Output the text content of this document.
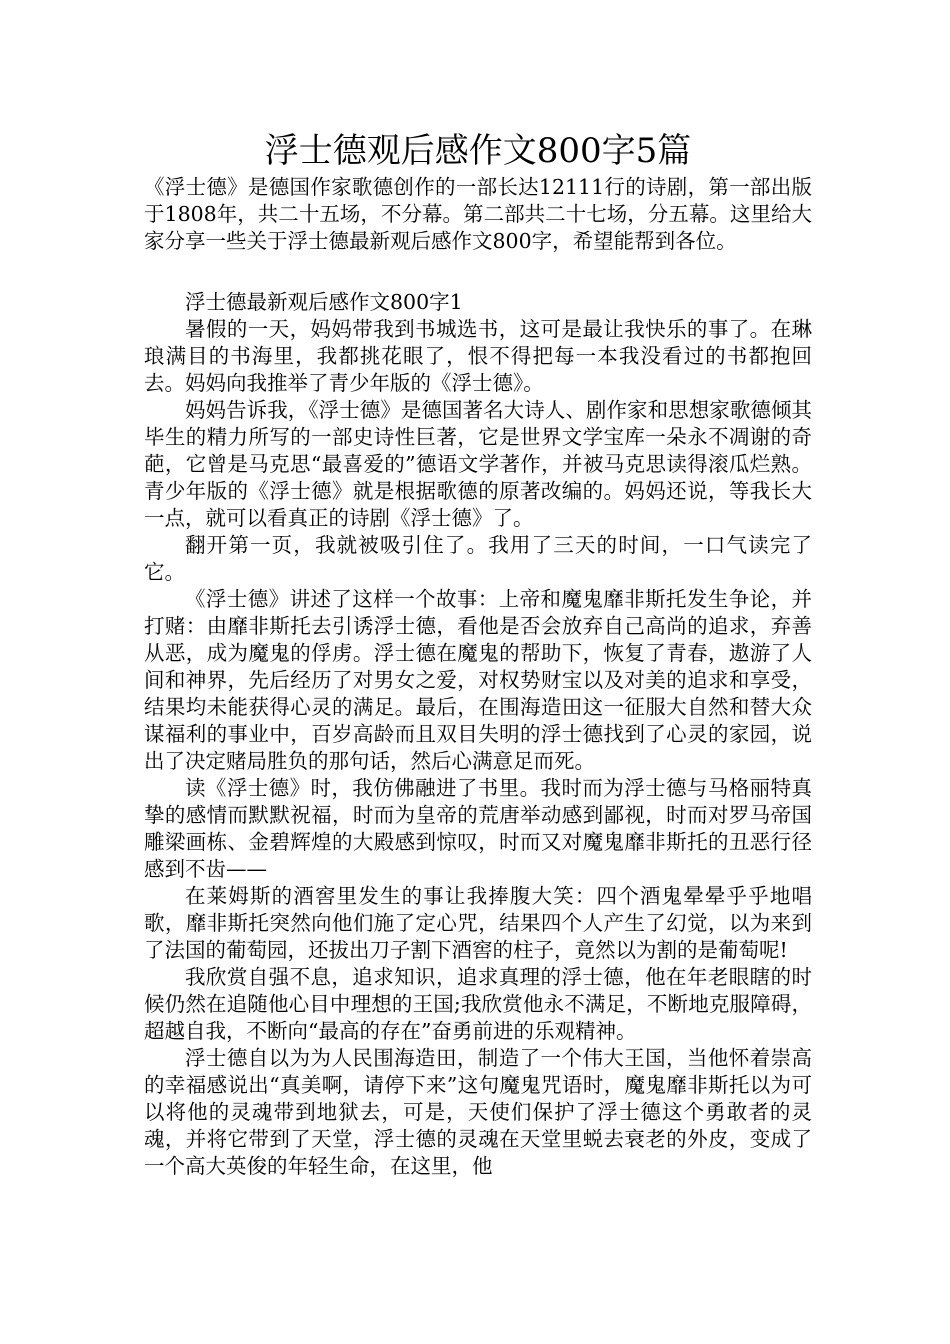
浮士德观后感作文800字5篇

《浮士德》是德国作家歌德创作的一部长达12111行的诗剧，第一部出版于1808年，共二十五场，不分幕。第二部共二十七场，分五幕。这里给大家分享一些关于浮士德最新观后感作文800字，希望能帮到各位。

浮士德最新观后感作文800字1

暑假的一天，妈妈带我到书城选书，这可是最让我快乐的事了。在琳琅满目的书海里，我都挑花眼了，恨不得把每一本我没看过的书都抱回去。妈妈向我推举了青少年版的《浮士德》。

妈妈告诉我，《浮士德》是德国著名大诗人、剧作家和思想家歌德倾其毕生的精力所写的一部史诗性巨著，它是世界文学宝库一朵永不凋谢的奇葩，它曾是马克思“最喜爱的”德语文学著作，并被马克思读得滚瓜烂熟。青少年版的《浮士德》就是根据歌德的原著改编的。妈妈还说，等我长大一点，就可以看真正的诗剧《浮士德》了。

翻开第一页，我就被吸引住了。我用了三天的时间，一口气读完了它。

《浮士德》讲述了这样一个故事：上帝和魔鬼靡非斯托发生争论，并打赌：由靡非斯托去引诱浮士德，看他是否会放弃自己高尚的追求，弃善从恶，成为魔鬼的俘虏。浮士德在魔鬼的帮助下，恢复了青春，遨游了人间和神界，先后经历了对男女之爱，对权势财宝以及对美的追求和享受，结果均未能获得心灵的满足。最后，在围海造田这一征服大自然和替大众谋福利的事业中，百岁高龄而且双目失明的浮士德找到了心灵的家园，说出了决定赌局胜负的那句话，然后心满意足而死。

读《浮士德》时，我仿佛融进了书里。我时而为浮士德与马格丽特真挚的感情而默默祝福，时而为皇帝的荒唐举动感到鄙视，时而对罗马帝国雕梁画栋、金碧辉煌的大殿感到惊叹，时而又对魔鬼靡非斯托的丑恶行径感到不齿——

在莱姆斯的酒窖里发生的事让我捧腹大笑：四个酒鬼晕晕乎乎地唱歌，靡非斯托突然向他们施了定心咒，结果四个人产生了幻觉，以为来到了法国的葡萄园，还拔出刀子割下酒窖的柱子，竟然以为割的是葡萄呢!

我欣赏自强不息，追求知识，追求真理的浮士德，他在年老眼瞎的时候仍然在追随他心目中理想的王国;我欣赏他永不满足，不断地克服障碍，超越自我，不断向“最高的存在”奋勇前进的乐观精神。

浮士德自以为为人民围海造田，制造了一个伟大王国，当他怀着崇高的幸福感说出“真美啊，请停下来”这句魔鬼咒语时，魔鬼靡非斯托以为可以将他的灵魂带到地狱去，可是，天使们保护了浮士德这个勇敢者的灵魂，并将它带到了天堂，浮士德的灵魂在天堂里蜕去衰老的外皮，变成了一个高大英俊的年轻生命，在这里，他
